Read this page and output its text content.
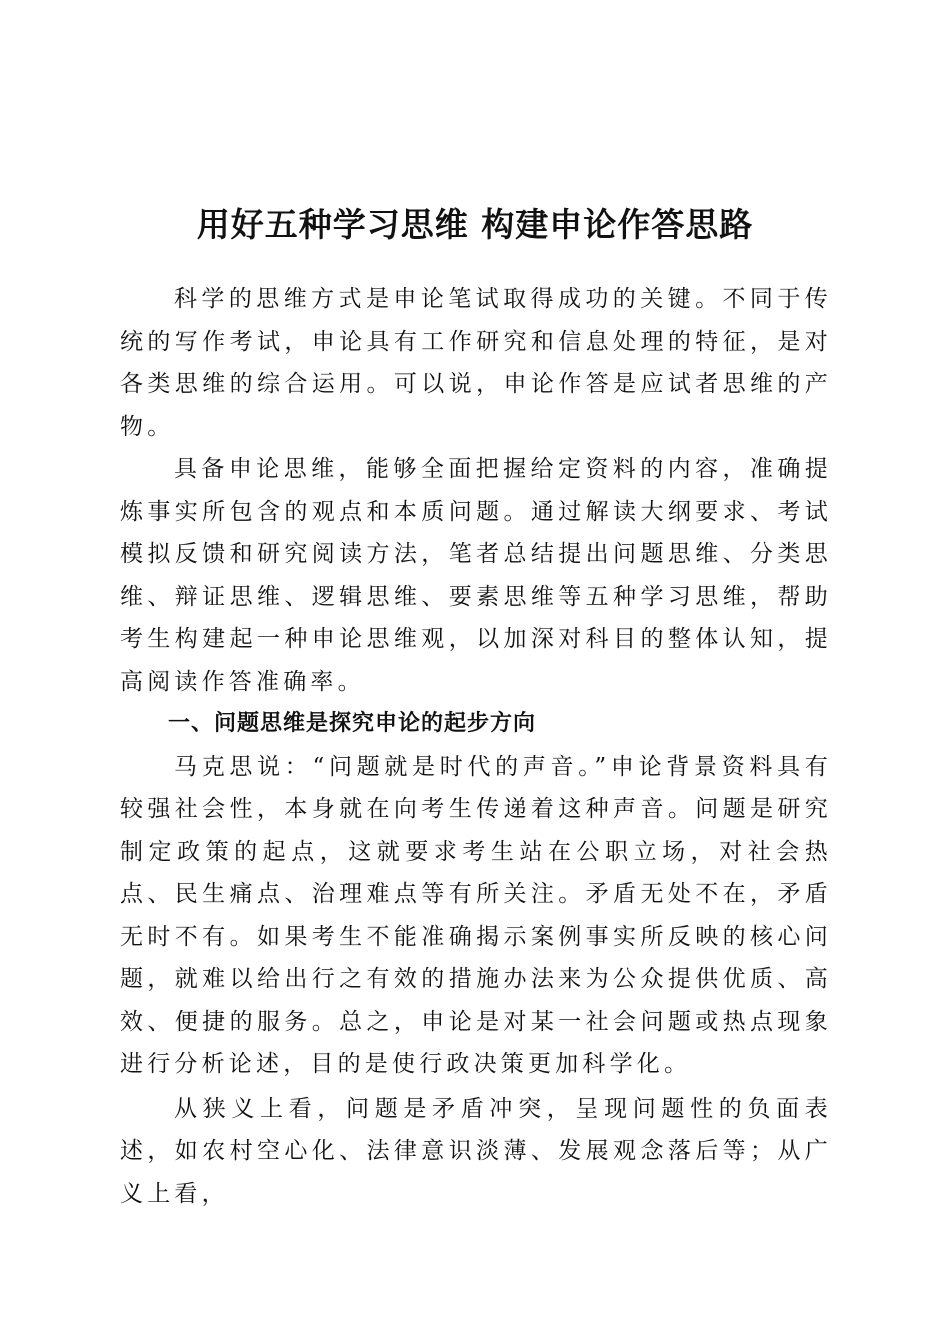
用好五种学习思维 构建申论作答思路

科学的思维方式是申论笔试取得成功的关键。不同于传统的写作考试，申论具有工作研究和信息处理的特征，是对各类思维的综合运用。可以说，申论作答是应试者思维的产物。

具备申论思维，能够全面把握给定资料的内容，准确提炼事实所包含的观点和本质问题。通过解读大纲要求、考试模拟反馈和研究阅读方法，笔者总结提出问题思维、分类思维、辩证思维、逻辑思维、要素思维等五种学习思维，帮助考生构建起一种申论思维观，以加深对科目的整体认知，提高阅读作答准确率。

一、问题思维是探究申论的起步方向

马克思说：“问题就是时代的声音。”申论背景资料具有较强社会性，本身就在向考生传递着这种声音。问题是研究制定政策的起点，这就要求考生站在公职立场，对社会热点、民生痛点、治理难点等有所关注。矛盾无处不在，矛盾无时不有。如果考生不能准确揭示案例事实所反映的核心问题，就难以给出行之有效的措施办法来为公众提供优质、高效、便捷的服务。总之，申论是对某一社会问题或热点现象进行分析论述，目的是使行政决策更加科学化。

从狭义上看，问题是矛盾冲突，呈现问题性的负面表述，如农村空心化、法律意识淡薄、发展观念落后等；从广义上看，
